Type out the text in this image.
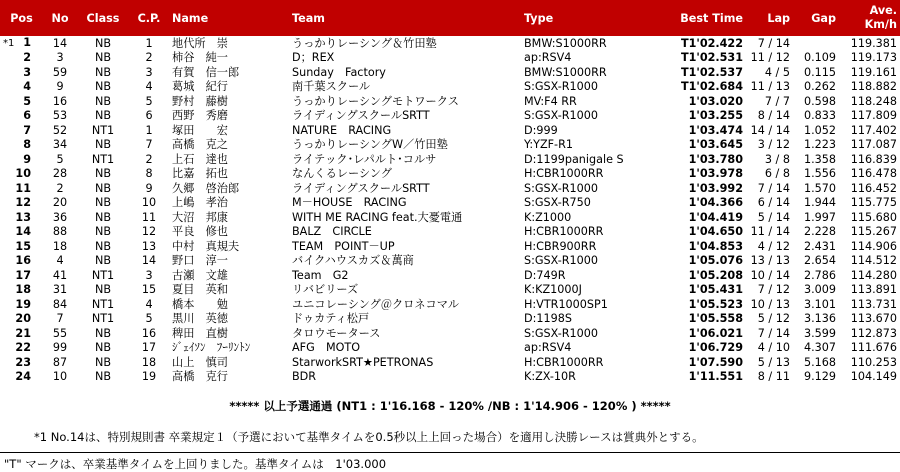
Pos	No	Class	C.P.	Name	Team	Type	Best Time	Lap	Gap	Ave.
Km/h
*1 1	14	NB	1	地代所　崇	うっかりレーシング＆竹田塾	BMW:S1000RR	T1'02.422	7 / 14		119.381
2	3	NB	2	柿谷　純一	D；REX	ap:RSV4	T1'02.531	11 / 12	0.109	119.173
3	59	NB	3	有賀　信一郎	Sunday　Factory	BMW:S1000RR	T1'02.537	4 / 5	0.115	119.161
4	9	NB	4	葛城　紀行	南千葉スクール	S:GSX-R1000	T1'02.684	11 / 13	0.262	118.882
5	16	NB	5	野村　藤樹	うっかりレーシングモトワークス	MV:F4 RR	1'03.020	7 / 7	0.598	118.248
6	53	NB	6	西野　秀磨	ライディングスクールSRTT	S:GSX-R1000	1'03.255	8 / 14	0.833	117.809
7	52	NT1	1	塚田　　宏	NATURE　RACING	D:999	1'03.474	14 / 14	1.052	117.402
8	34	NB	7	高橋　克之	うっかりレーシングW／竹田塾	Y:YZF-R1	1'03.645	3 / 12	1.223	117.087
9	5	NT1	2	上石　達也	ライテック･レパルト･コルサ	D:1199panigale S	1'03.780	3 / 8	1.358	116.839
10	28	NB	8	比嘉　拓也	なんくるレーシング	H:CBR1000RR	1'03.978	6 / 8	1.556	116.478
11	2	NB	9	久郷　啓治郎	ライディングスクールSRTT	S:GSX-R1000	1'03.992	7 / 14	1.570	116.452
12	20	NB	10	上嶋　孝治	M－HOUSE　RACING	S:GSX-R750	1'04.366	6 / 14	1.944	115.775
13	36	NB	11	大沼　邦康	WITH ME RACING feat.大憂電通	K:Z1000	1'04.419	5 / 14	1.997	115.680
14	88	NB	12	平良　修也	BALZ　CIRCLE	H:CBR1000RR	1'04.650	11 / 14	2.228	115.267
15	18	NB	13	中村　真規夫	TEAM　POINT－UP	H:CBR900RR	1'04.853	4 / 12	2.431	114.906
16	4	NB	14	野口　淳一	バイクハウスカズ＆萬商	S:GSX-R1000	1'05.076	13 / 13	2.654	114.512
17	41	NT1	3	古瀬　文雄	Team　G2	D:749R	1'05.208	10 / 14	2.786	114.280
18	31	NB	15	夏目　英和	リバビリーズ	K:KZ1000J	1'05.431	7 / 12	3.009	113.891
19	84	NT1	4	橋本　　勉	ユニコレーシング＠クロネコマル	H:VTR1000SP1	1'05.523	10 / 13	3.101	113.731
20	7	NT1	5	黒川　英徳	ドゥカティ松戸	D:1198S	1'05.558	5 / 12	3.136	113.670
21	55	NB	16	稗田　直樹	タロウモータース	S:GSX-R1000	1'06.021	7 / 14	3.599	112.873
22	99	NB	17	ｼﾞｪｲｿﾝ　ﾌｰﾘﾝﾄﾝ	AFG　MOTO	ap:RSV4	1'06.729	4 / 10	4.307	111.676
23	87	NB	18	山上　慎司	StarworkSRT★PETRONAS	H:CBR1000RR	1'07.590	5 / 13	5.168	110.253
24	10	NB	19	高橋　克行	BDR	K:ZX-10R	1'11.551	8 / 11	9.129	104.149
***** 以上予選通過 (NT1 : 1'16.168 - 120% /NB : 1'14.906 - 120% ) *****
*1 No.14は、特別規則書 卒業規定１（予選において基準タイムを0.5秒以上上回った場合）を適用し決勝レースは賞典外とする。
"T" マークは、卒業基準タイムを上回りました。基準タイムは　1'03.000
